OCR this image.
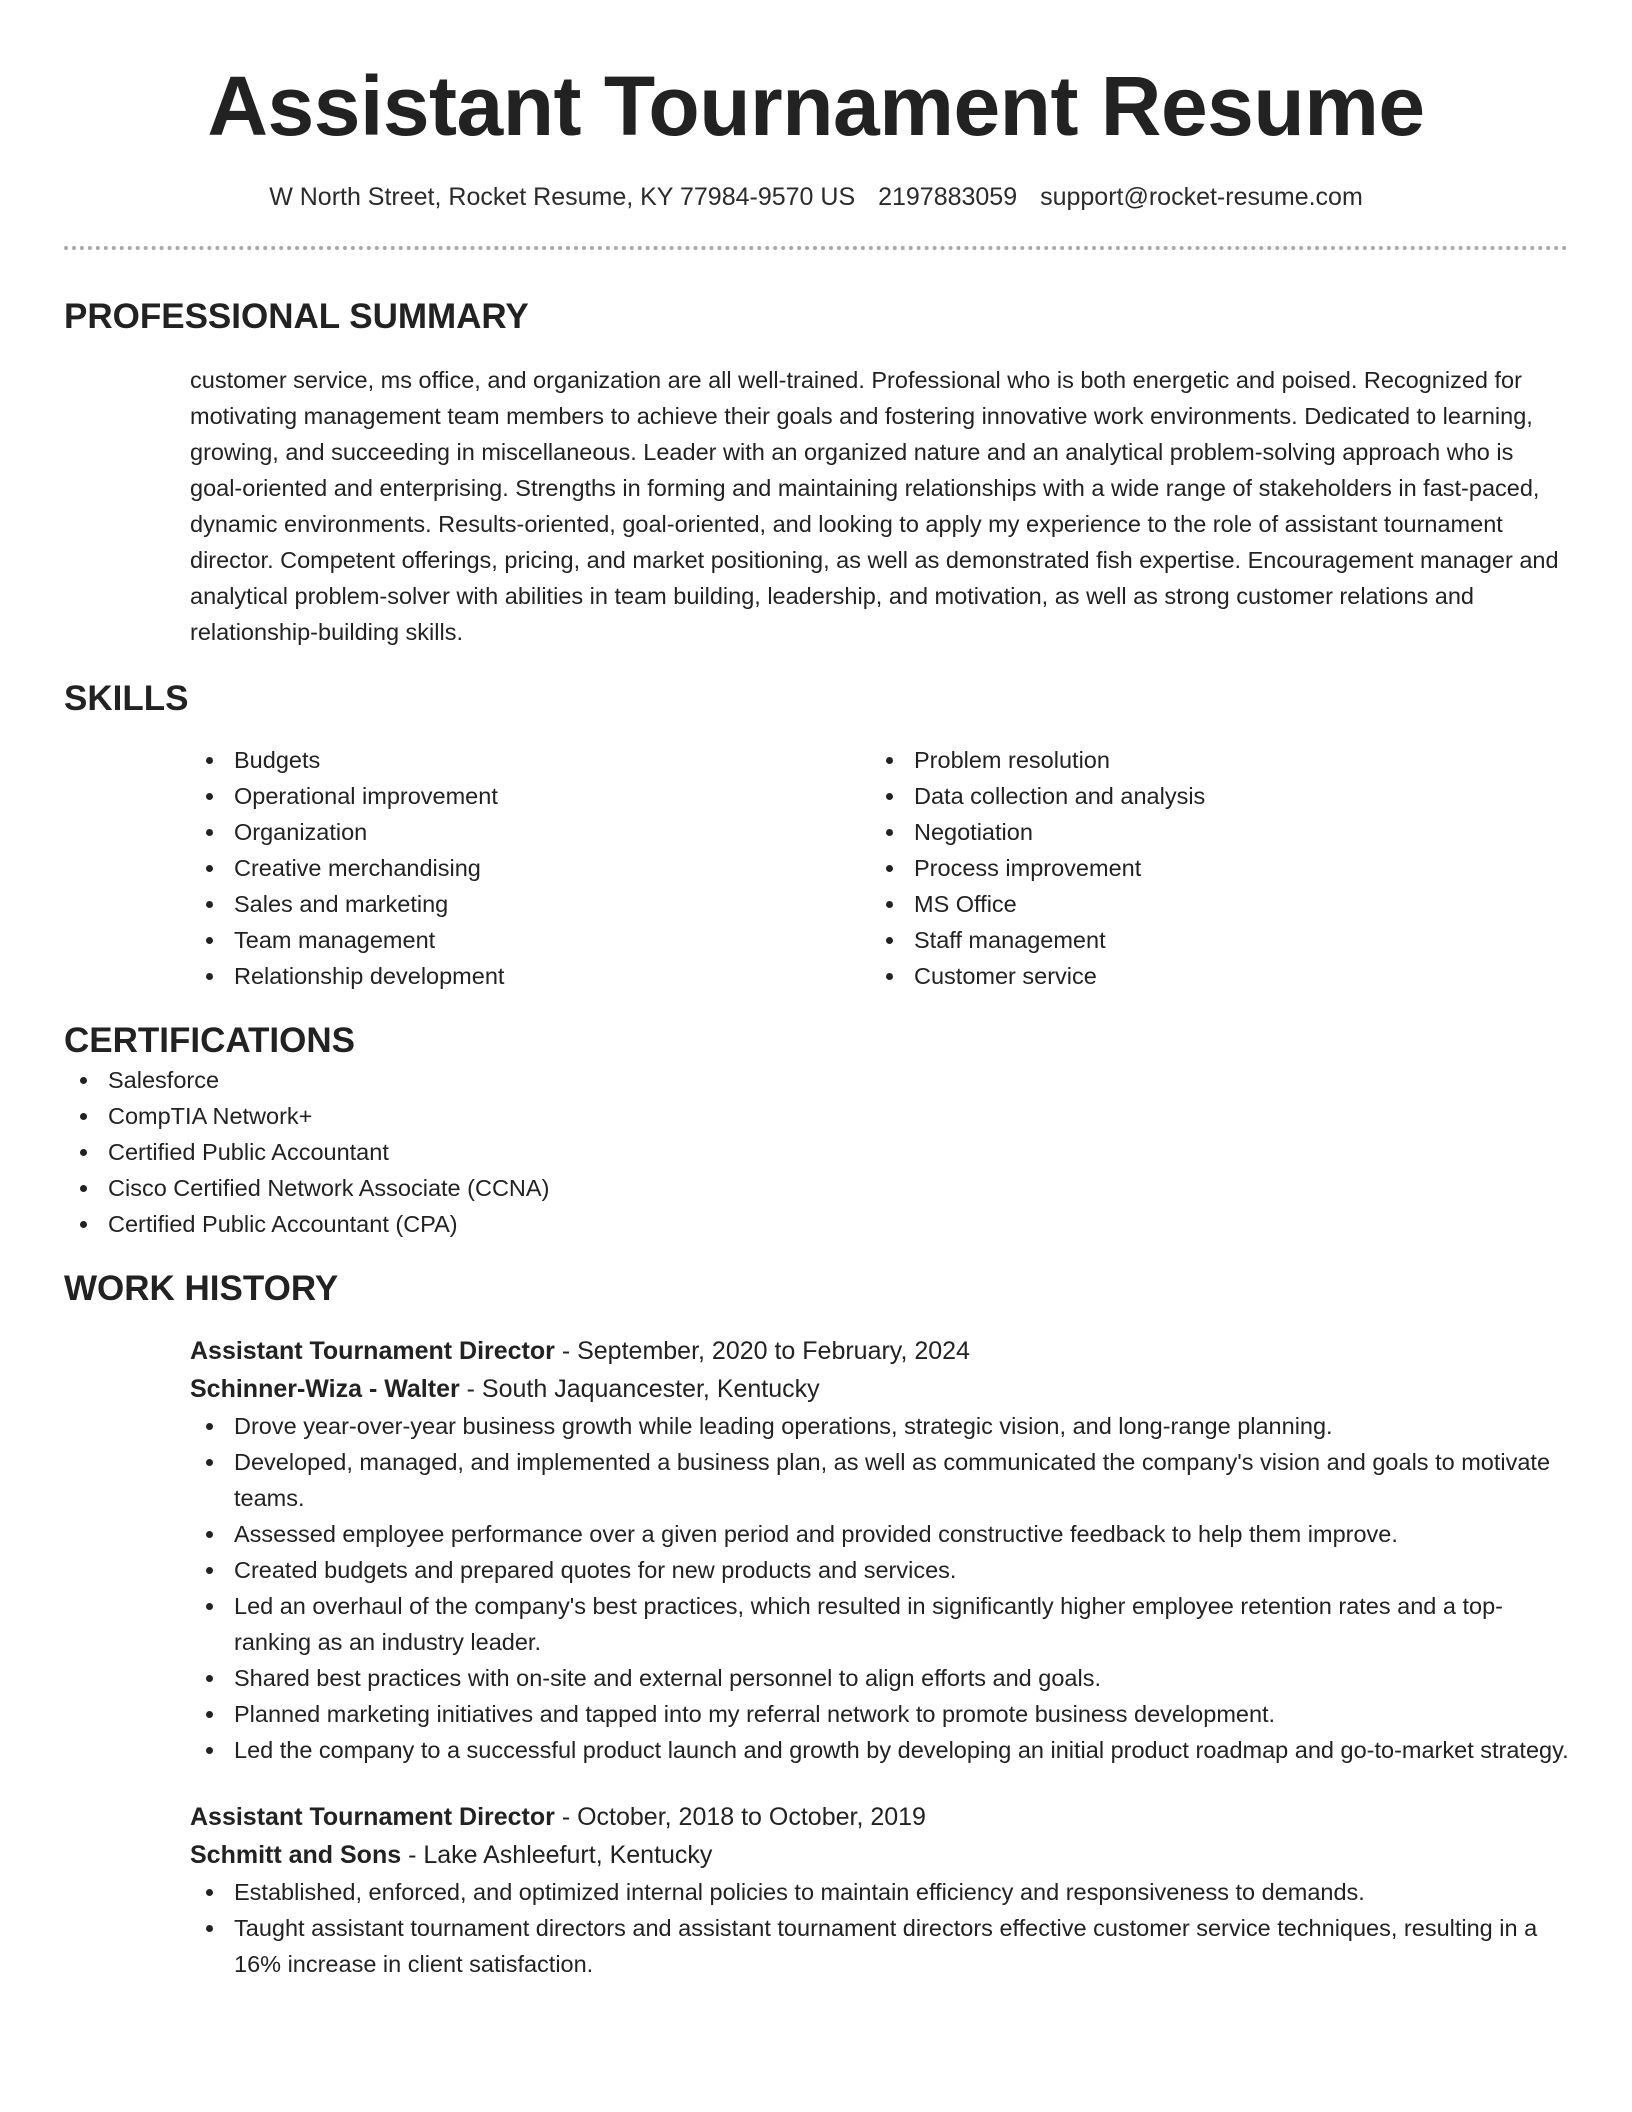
Assistant Tournament Resume
W North Street, Rocket Resume, KY 77984-9570 US 2197883059 support@rocket-resume.com
PROFESSIONAL SUMMARY

customer service, ms office, and organization are all well-trained. Professional who is both energetic and poised. Recognized for motivating management team members to achieve their goals and fostering innovative work environments. Dedicated to learning, growing, and succeeding in miscellaneous. Leader with an organized nature and an analytical problem-solving approach who is goal-oriented and enterprising. Strengths in forming and maintaining relationships with a wide range of stakeholders in fast-paced, dynamic environments. Results-oriented, goal-oriented, and looking to apply my experience to the role of assistant tournament director. Competent offerings, pricing, and market positioning, as well as demonstrated fish expertise. Encouragement manager and analytical problem-solver with abilities in team building, leadership, and motivation, as well as strong customer relations and relationship-building skills.

SKILLS
Budgets
Operational improvement
Organization
Creative merchandising
Sales and marketing
Team management
Relationship development
Problem resolution
Data collection and analysis
Negotiation
Process improvement
MS Office
Staff management
Customer service
CERTIFICATIONS
Salesforce
CompTIA Network+
Certified Public Accountant
Cisco Certified Network Associate (CCNA)
Certified Public Accountant (CPA)
WORK HISTORY
Assistant Tournament Director - September, 2020 to February, 2024
Schinner-Wiza - Walter - South Jaquancester, Kentucky
Drove year-over-year business growth while leading operations, strategic vision, and long-range planning.
Developed, managed, and implemented a business plan, as well as communicated the company's vision and goals to motivate teams.
Assessed employee performance over a given period and provided constructive feedback to help them improve.
Created budgets and prepared quotes for new products and services.
Led an overhaul of the company's best practices, which resulted in significantly higher employee retention rates and a top-ranking as an industry leader.
Shared best practices with on-site and external personnel to align efforts and goals.
Planned marketing initiatives and tapped into my referral network to promote business development.
Led the company to a successful product launch and growth by developing an initial product roadmap and go-to-market strategy.
Assistant Tournament Director - October, 2018 to October, 2019
Schmitt and Sons - Lake Ashleefurt, Kentucky
Established, enforced, and optimized internal policies to maintain efficiency and responsiveness to demands.
Taught assistant tournament directors and assistant tournament directors effective customer service techniques, resulting in a 16% increase in client satisfaction.
